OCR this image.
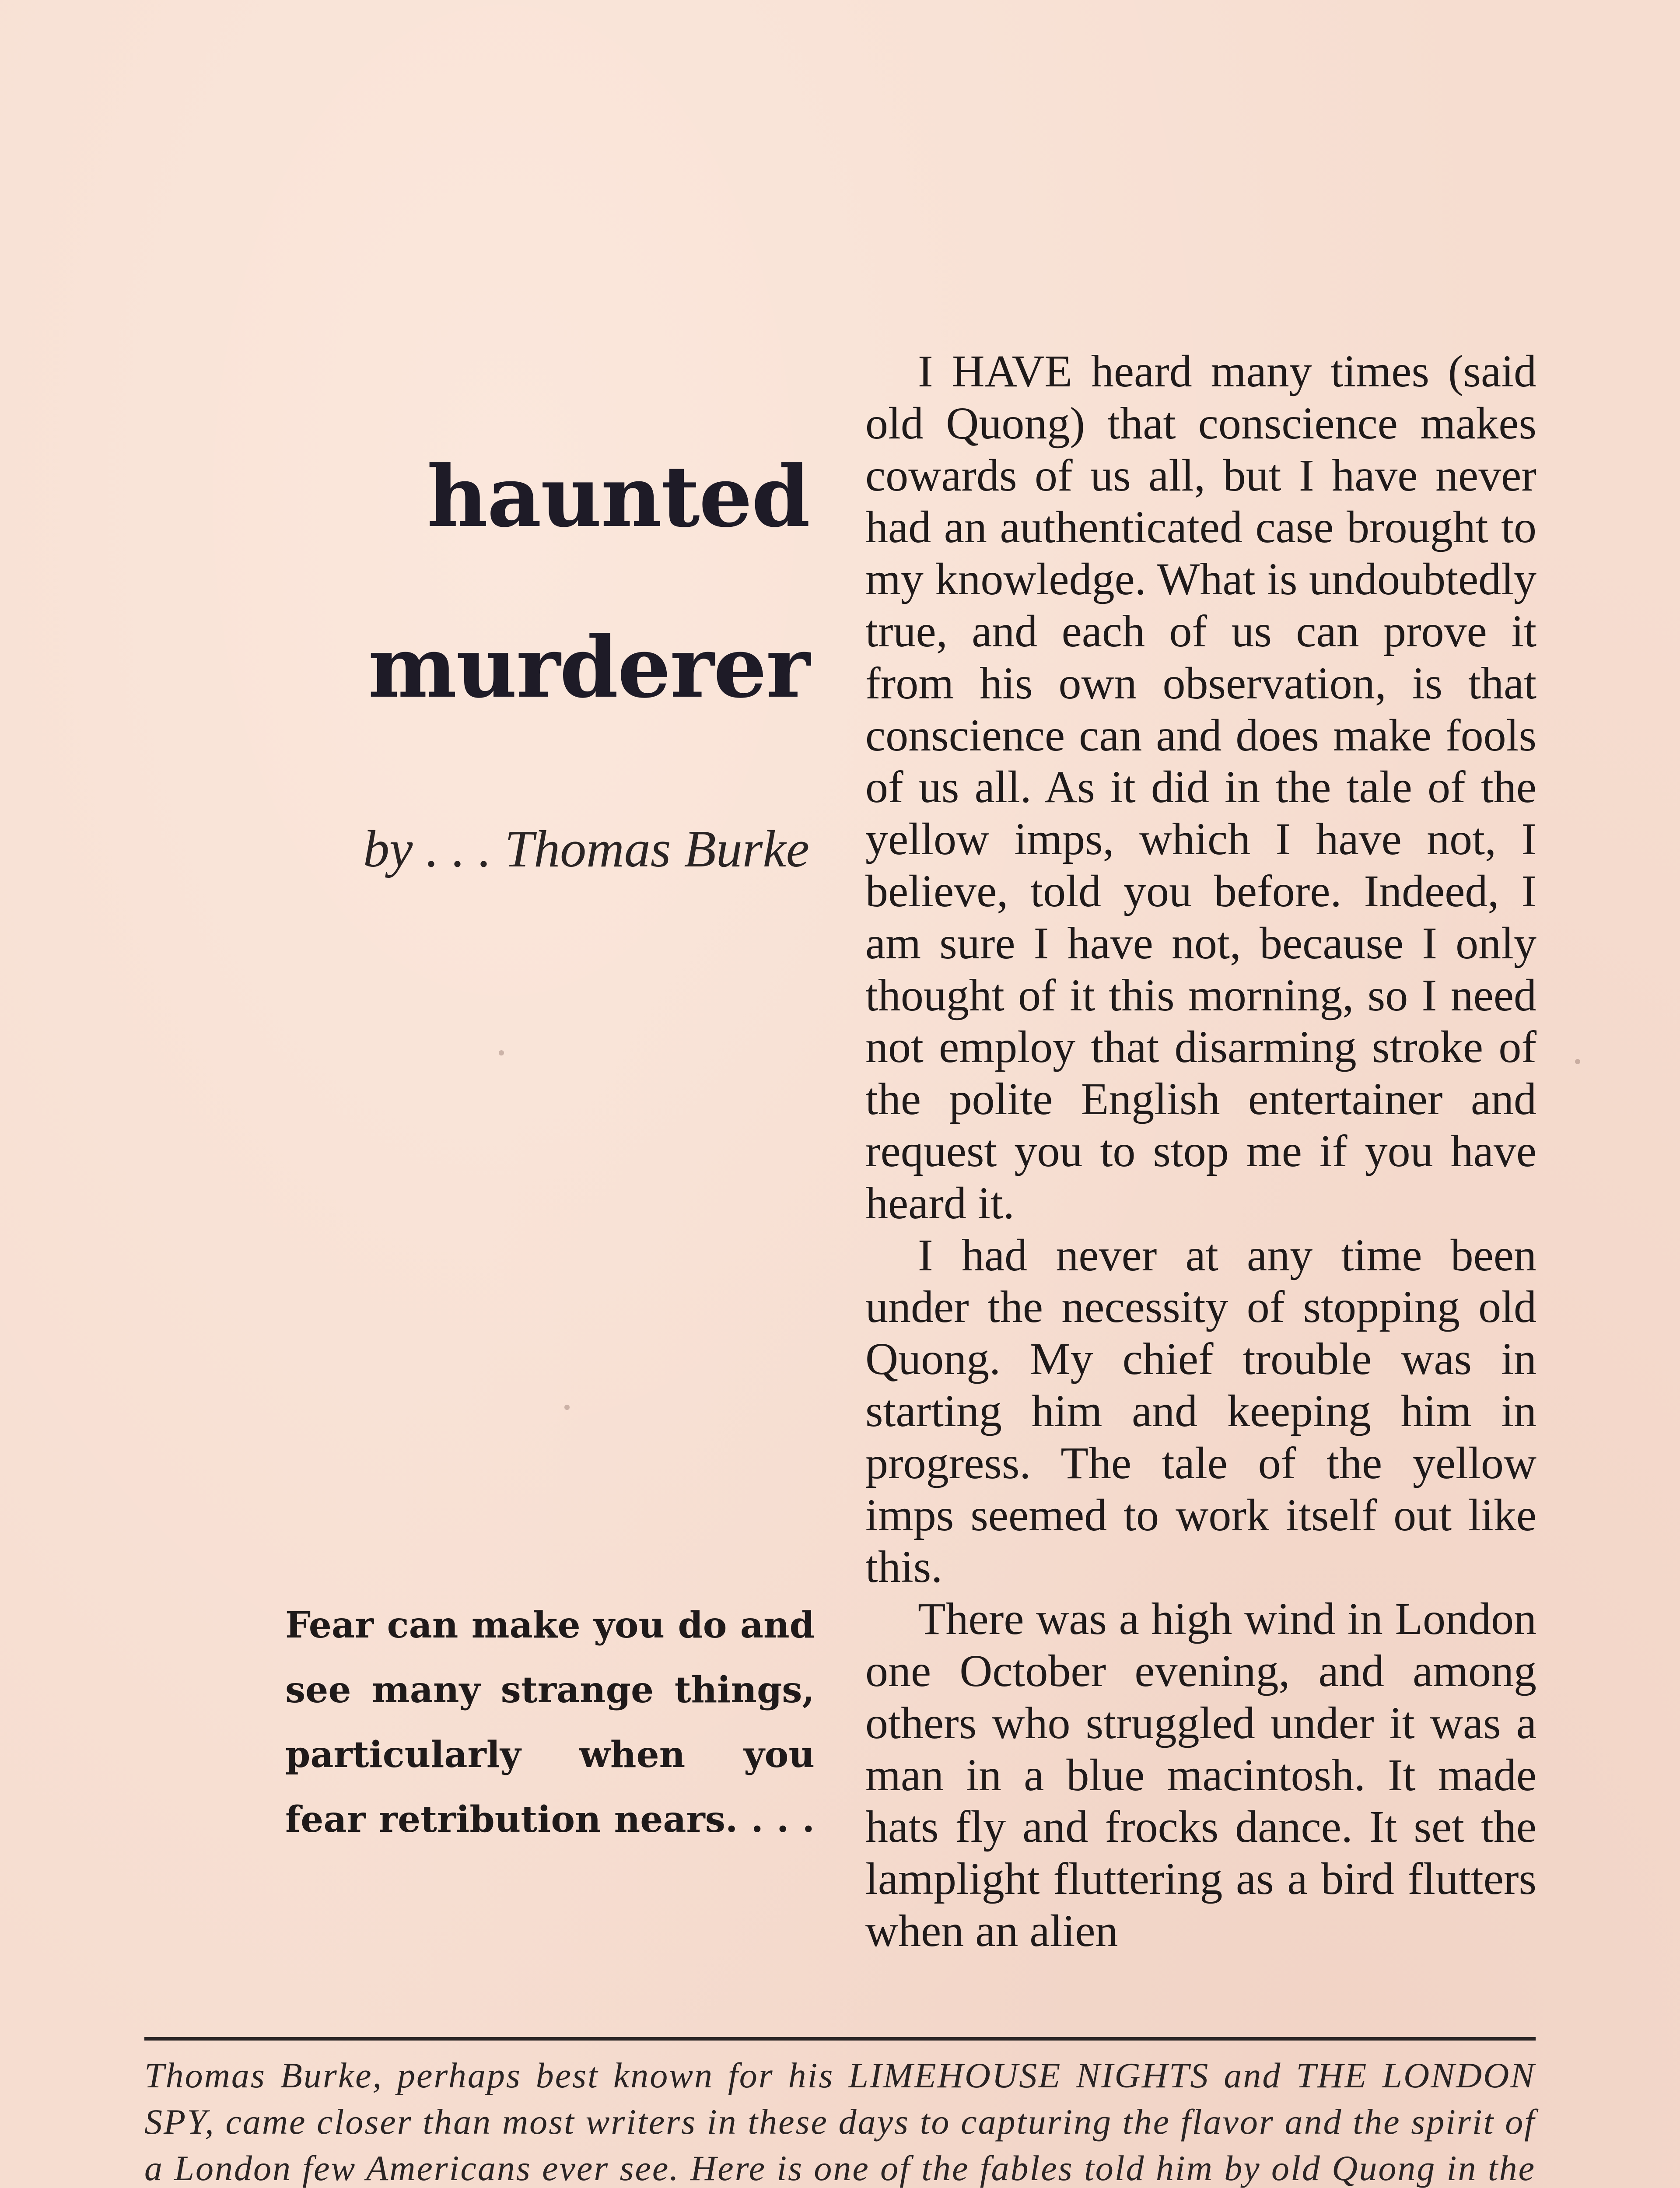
haunted
murderer
by . . . Thomas Burke
Fear can make you do and see many strange things, particularly when you fear retribution nears. . . .

I HAVE heard many times (said old Quong) that conscience makes cowards of us all, but I have never had an authenticated case brought to my knowledge. What is undoubtedly true, and each of us can prove it from his own observation, is that conscience can and does make fools of us all. As it did in the tale of the yellow imps, which I have not, I believe, told you before. Indeed, I am sure I have not, because I only thought of it this morning, so I need not employ that disarming stroke of the polite English entertainer and request you to stop me if you have heard it.

I had never at any time been under the necessity of stopping old Quong. My chief trouble was in starting him and keeping him in progress. The tale of the yellow imps seemed to work itself out like this.

There was a high wind in London one October evening, and among others who struggled under it was a man in a blue macintosh. It made hats fly and frocks dance. It set the lamplight fluttering as a bird flutters when an alien

Thomas Burke, perhaps best known for his LIMEHOUSE NIGHTS and THE LONDON SPY, came closer than most writers in these days to capturing the flavor and the spirit of a London few Americans ever see. Here is one of the fables told him by old Quong in the
